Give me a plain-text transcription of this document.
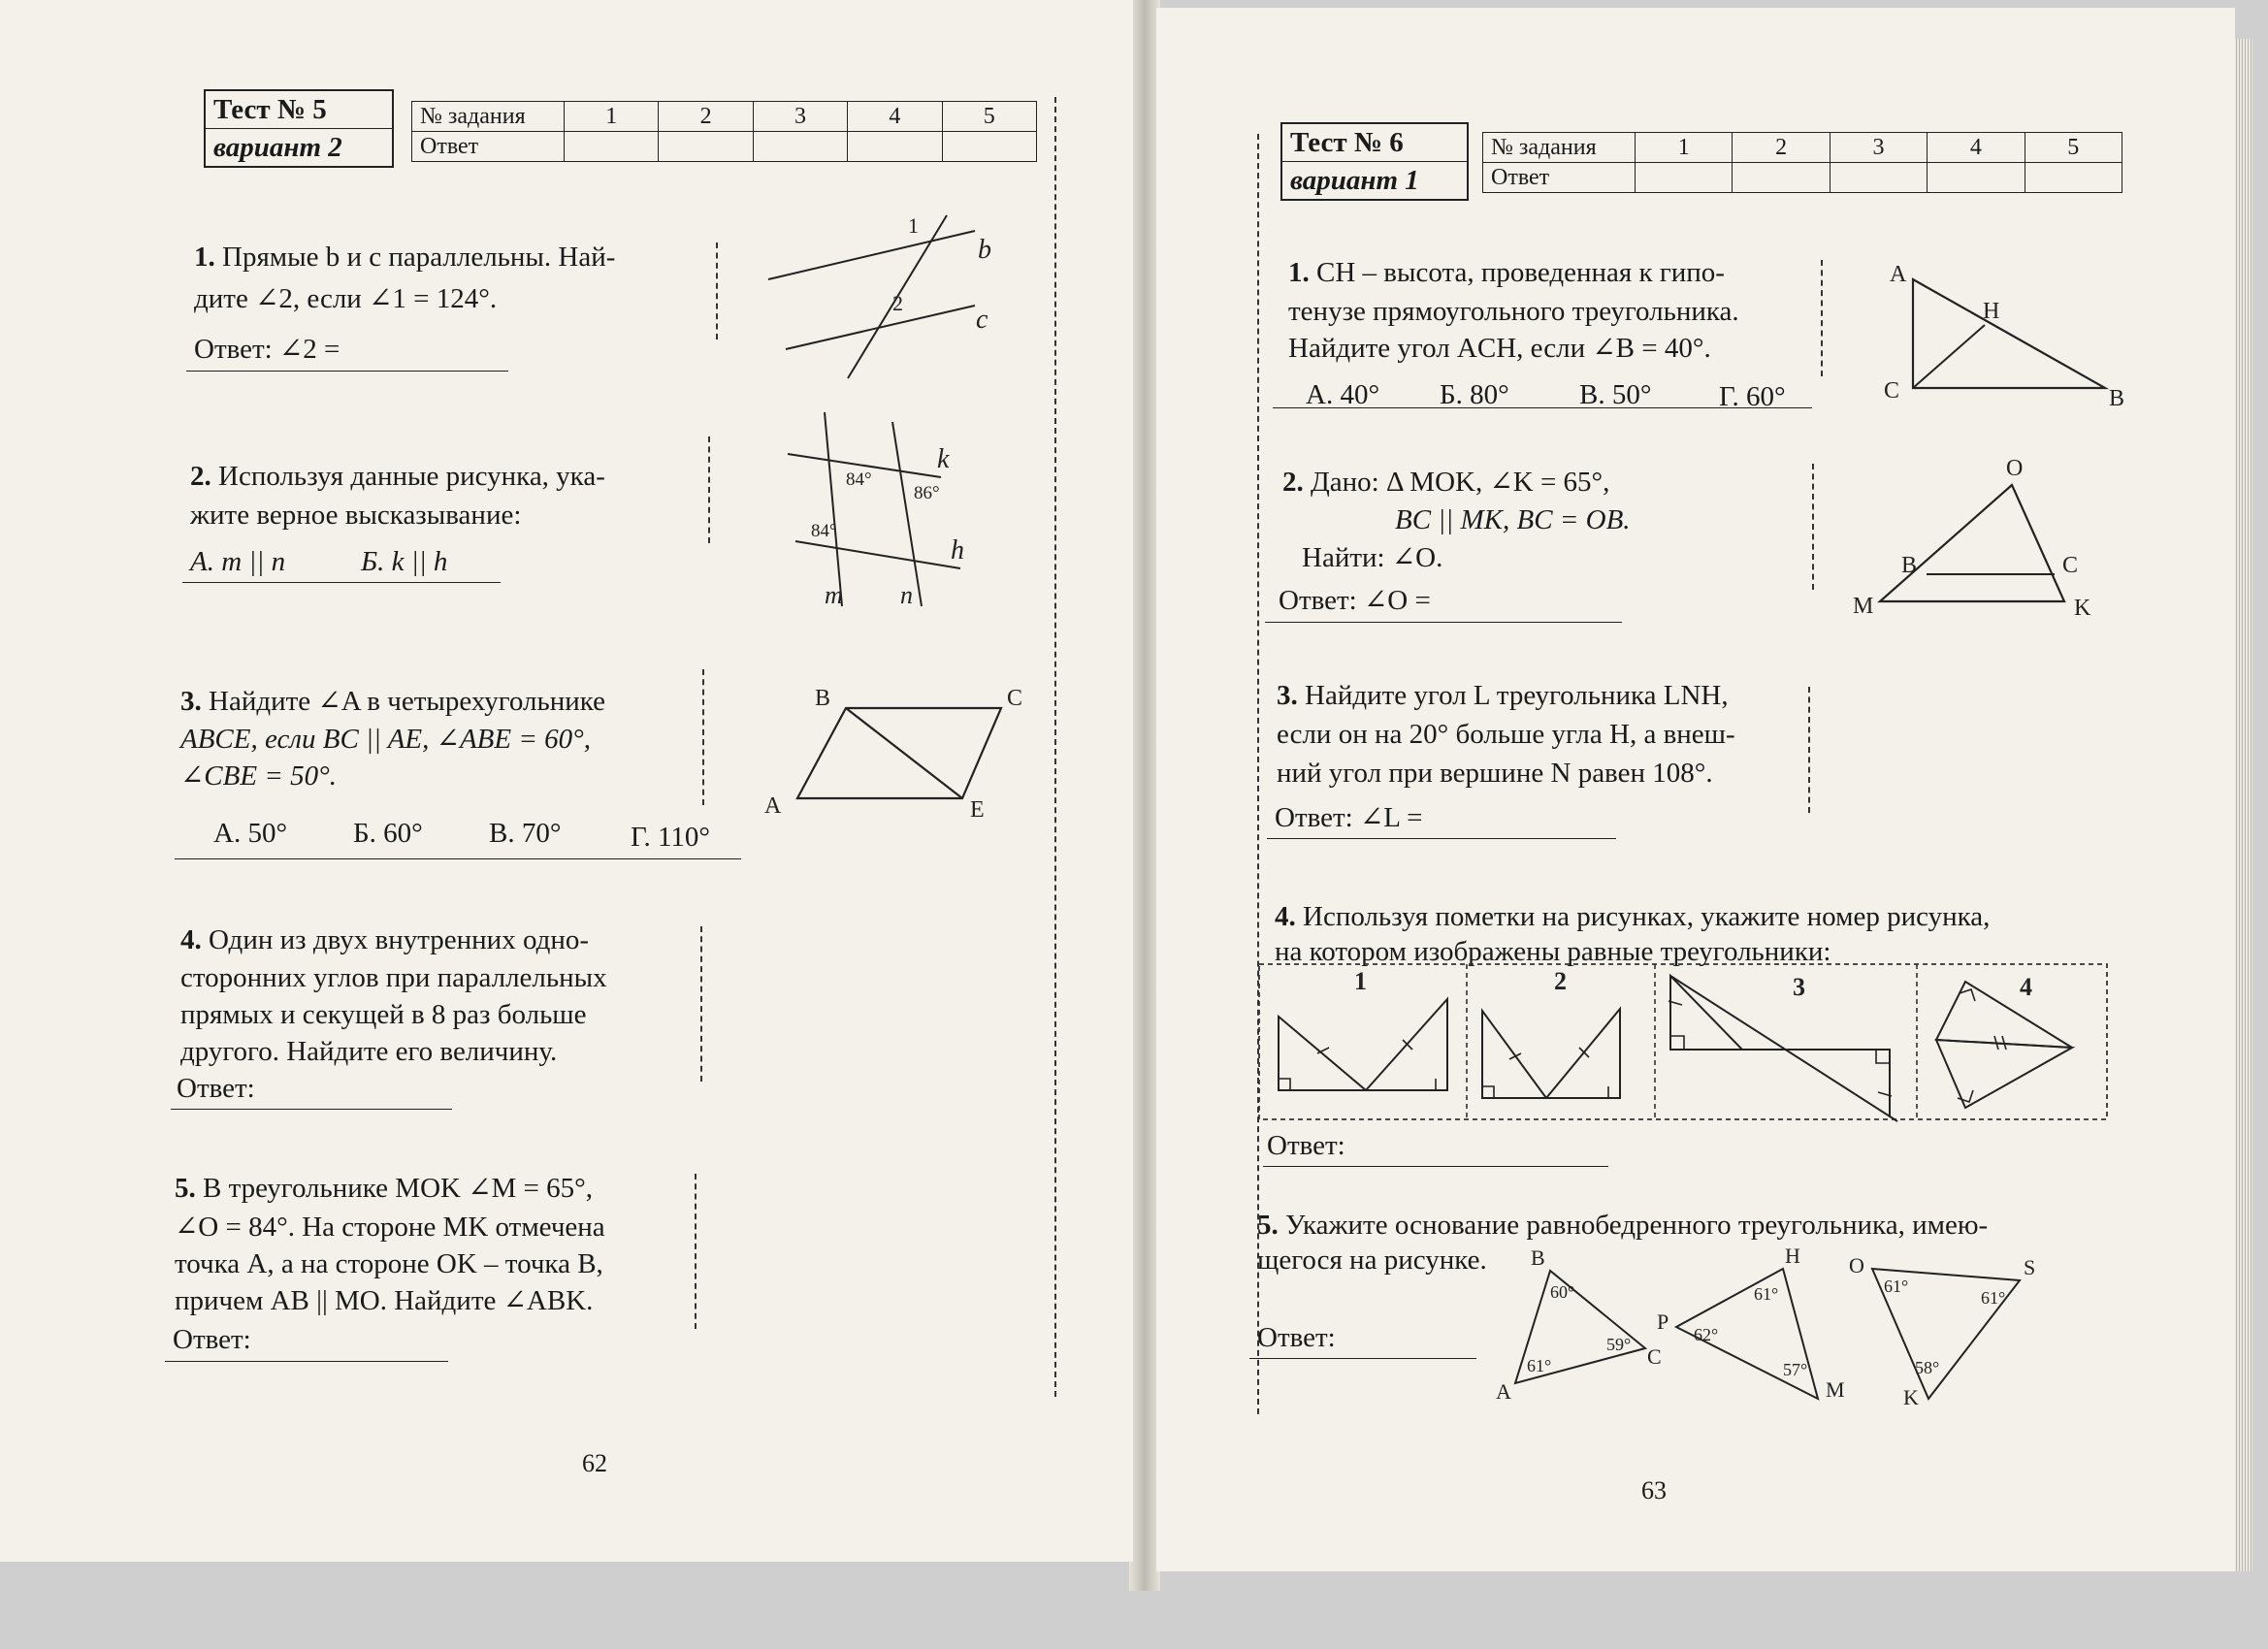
Тест № 5
вариант 2
№ задания	1	2	3	4	5
Ответ					
1. Прямые b и c параллельны. Най-
дите ∠2, если ∠1 = 124°.
Ответ: ∠2 =
1
2
b
c
2. Используя данные рисунка, ука-
жите верное высказывание:
А. m || n	Б. k || h
84°
86°
84°
k
h
m n
3. Найдите ∠A в четырехугольнике
ABCE, если BC || AE, ∠ABE = 60°,
∠CBE = 50°.
А. 50° Б. 60° В. 70° Г. 110°
B	C
A	E
4. Один из двух внутренних одно-
сторонних углов при параллельных
прямых и секущей в 8 раз больше
другого. Найдите его величину.
Ответ:
5. В треугольнике MOK ∠M = 65°,
∠O = 84°. На стороне MK отмечена
точка A, а на стороне OK – точка B,
причем AB || MO. Найдите ∠ABK.
Ответ:
62
Тест № 6
вариант 1
№ задания	1	2	3	4	5
Ответ					
1. CH – высота, проведенная к гипо-
тенузе прямоугольного треугольника.
Найдите угол ACH, если ∠B = 40°.
А. 40° Б. 80° В. 50° Г. 60°
A
H
C	B
2. Дано: Δ MOK, ∠K = 65°,
BC || MK, BC = OB.
Найти: ∠O.
Ответ: ∠O =
O
B	C
M	K
3. Найдите угол L треугольника LNH,
если он на 20° больше угла H, а внеш-
ний угол при вершине N равен 108°.
Ответ: ∠L =
4. Используя пометки на рисунках, укажите номер рисунка,
на котором изображены равные треугольники:
1	2	3	4
Ответ:
5. Укажите основание равнобедренного треугольника, имею-
щегося на рисунке.
Ответ:
B
A
C
60°
61°
59°
P
H
M
61°
62°
57°
O	S
K
61°
61°
58°
63
